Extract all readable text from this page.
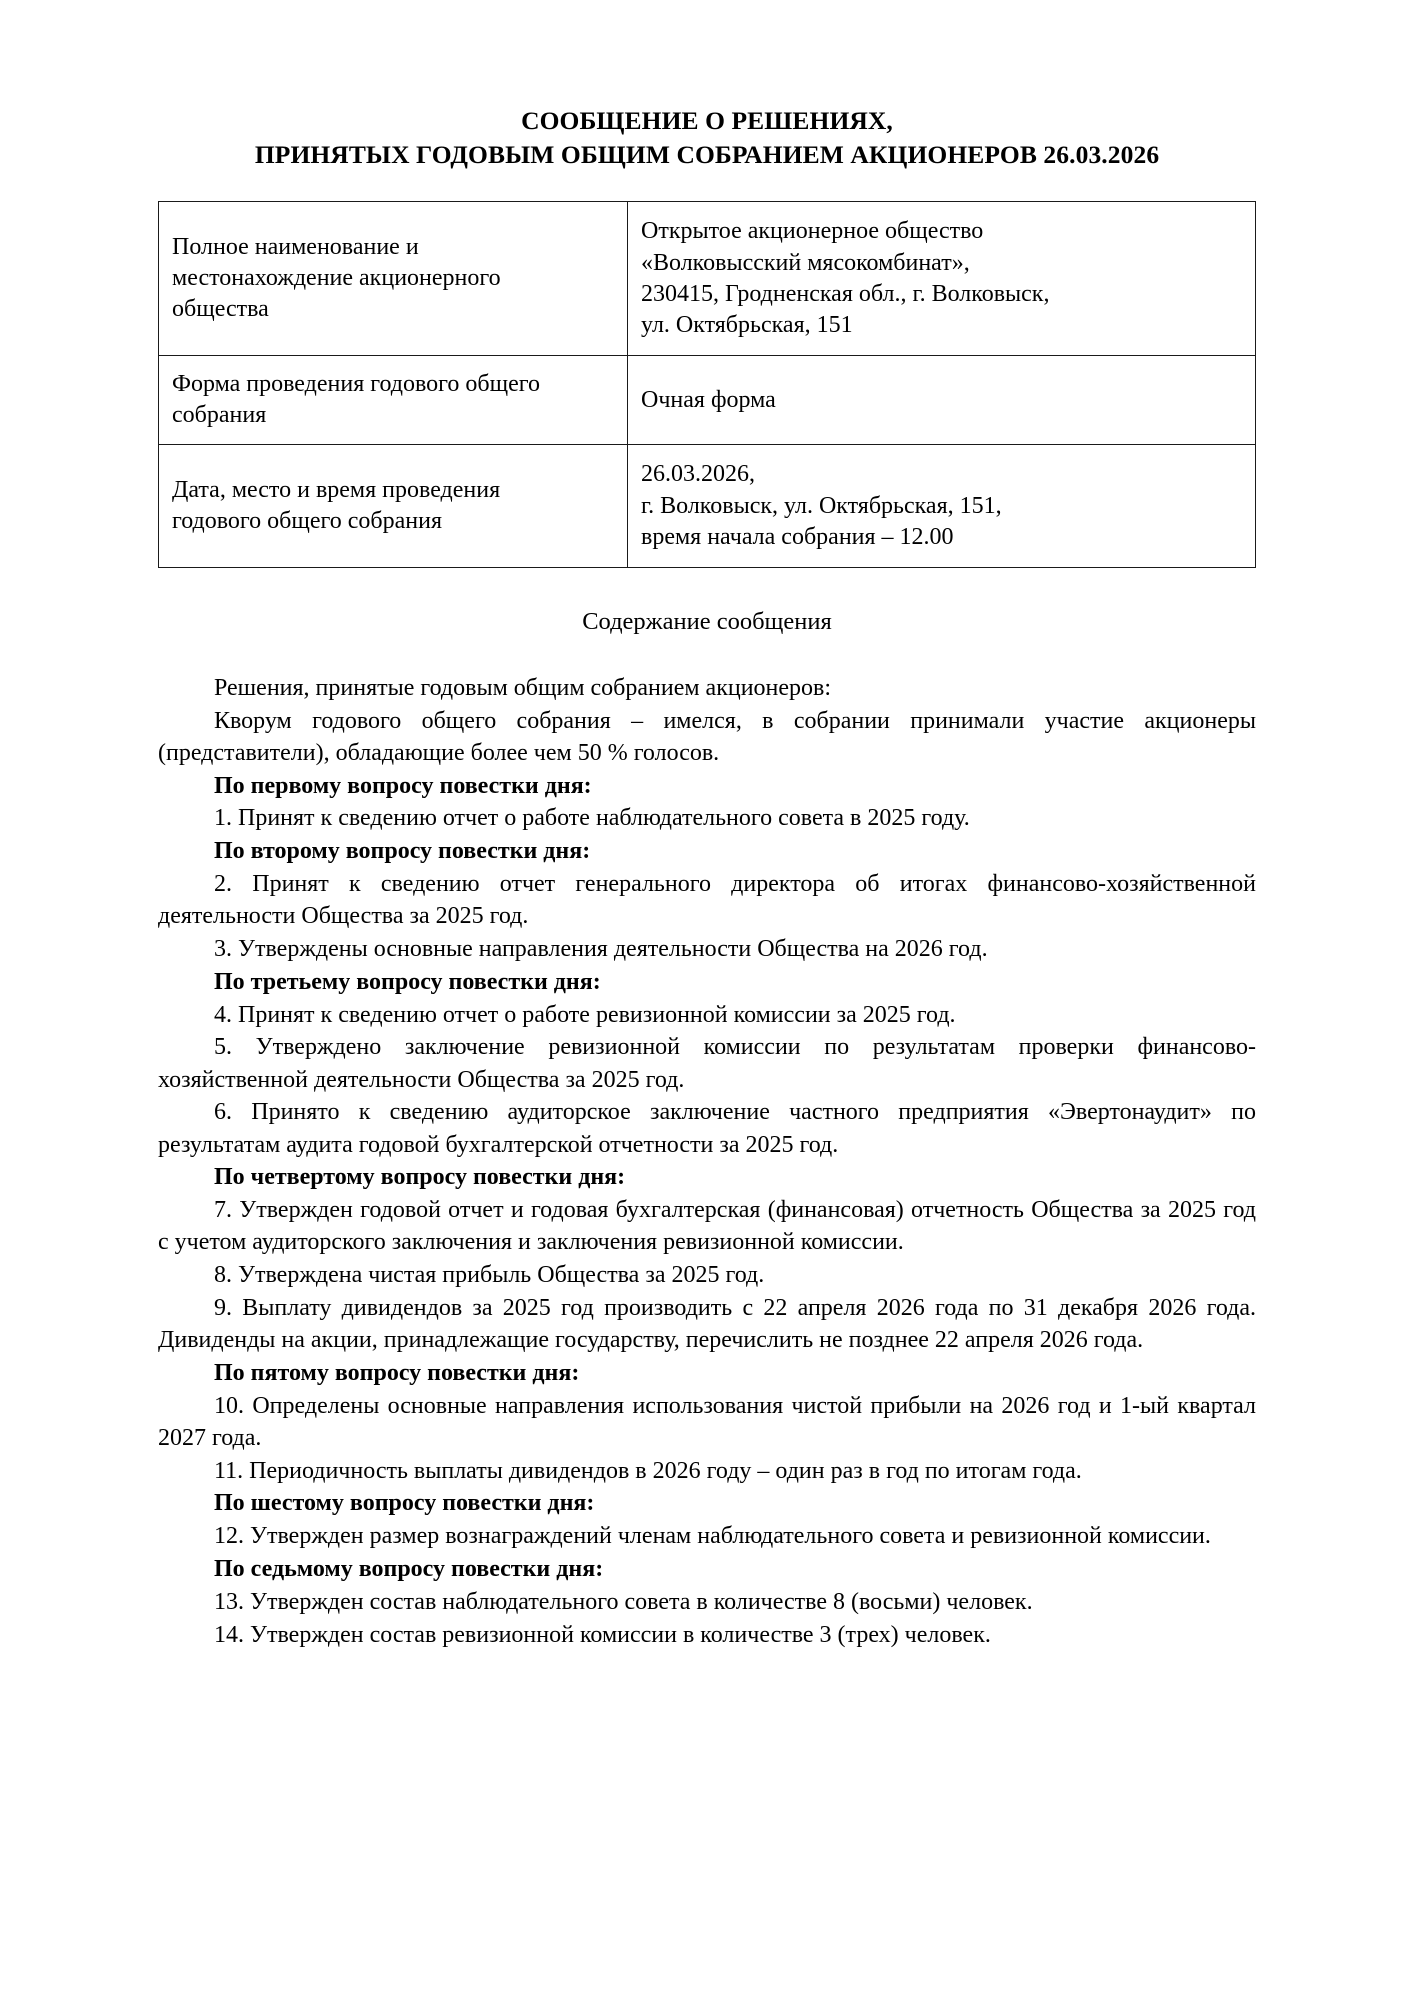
СООБЩЕНИЕ О РЕШЕНИЯХ,
ПРИНЯТЫХ ГОДОВЫМ ОБЩИМ СОБРАНИЕМ АКЦИОНЕРОВ 26.03.2026
Полное наименование и
местонахождение акционерного
общества	Открытое акционерное общество
«Волковысский мясокомбинат»,
230415, Гродненская обл., г. Волковыск,
ул. Октябрьская, 151

Форма проведения годового общего
собрания	Очная форма

Дата, место и время проведения
годового общего собрания	26.03.2026,
г. Волковыск, ул. Октябрьская, 151,
время начала собрания – 12.00
Содержание сообщения

Решения, принятые годовым общим собранием акционеров:

Кворум годового общего собрания – имелся, в собрании принимали участие акционеры (представители), обладающие более чем 50 % голосов.

По первому вопросу повестки дня:

1. Принят к сведению отчет о работе наблюдательного совета в 2025 году.

По второму вопросу повестки дня:

2. Принят к сведению отчет генерального директора об итогах финансово-хозяйственной деятельности Общества за 2025 год.

3. Утверждены основные направления деятельности Общества на 2026 год.

По третьему вопросу повестки дня:

4. Принят к сведению отчет о работе ревизионной комиссии за 2025 год.

5. Утверждено заключение ревизионной комиссии по результатам проверки финансово-хозяйственной деятельности Общества за 2025 год.

6. Принято к сведению аудиторское заключение частного предприятия «Эвертонаудит» по результатам аудита годовой бухгалтерской отчетности за 2025 год.

По четвертому вопросу повестки дня:

7. Утвержден годовой отчет и годовая бухгалтерская (финансовая) отчетность Общества за 2025 год с учетом аудиторского заключения и заключения ревизионной комиссии.

8. Утверждена чистая прибыль Общества за 2025 год.

9. Выплату дивидендов за 2025 год производить с 22 апреля 2026 года по 31 декабря 2026 года. Дивиденды на акции, принадлежащие государству, перечислить не позднее 22 апреля 2026 года.

По пятому вопросу повестки дня:

10. Определены основные направления использования чистой прибыли на 2026 год и 1-ый квартал 2027 года.

11. Периодичность выплаты дивидендов в 2026 году – один раз в год по итогам года.

По шестому вопросу повестки дня:

12. Утвержден размер вознаграждений членам наблюдательного совета и ревизионной комиссии.

По седьмому вопросу повестки дня:

13. Утвержден состав наблюдательного совета в количестве 8 (восьми) человек.

14. Утвержден состав ревизионной комиссии в количестве 3 (трех) человек.
